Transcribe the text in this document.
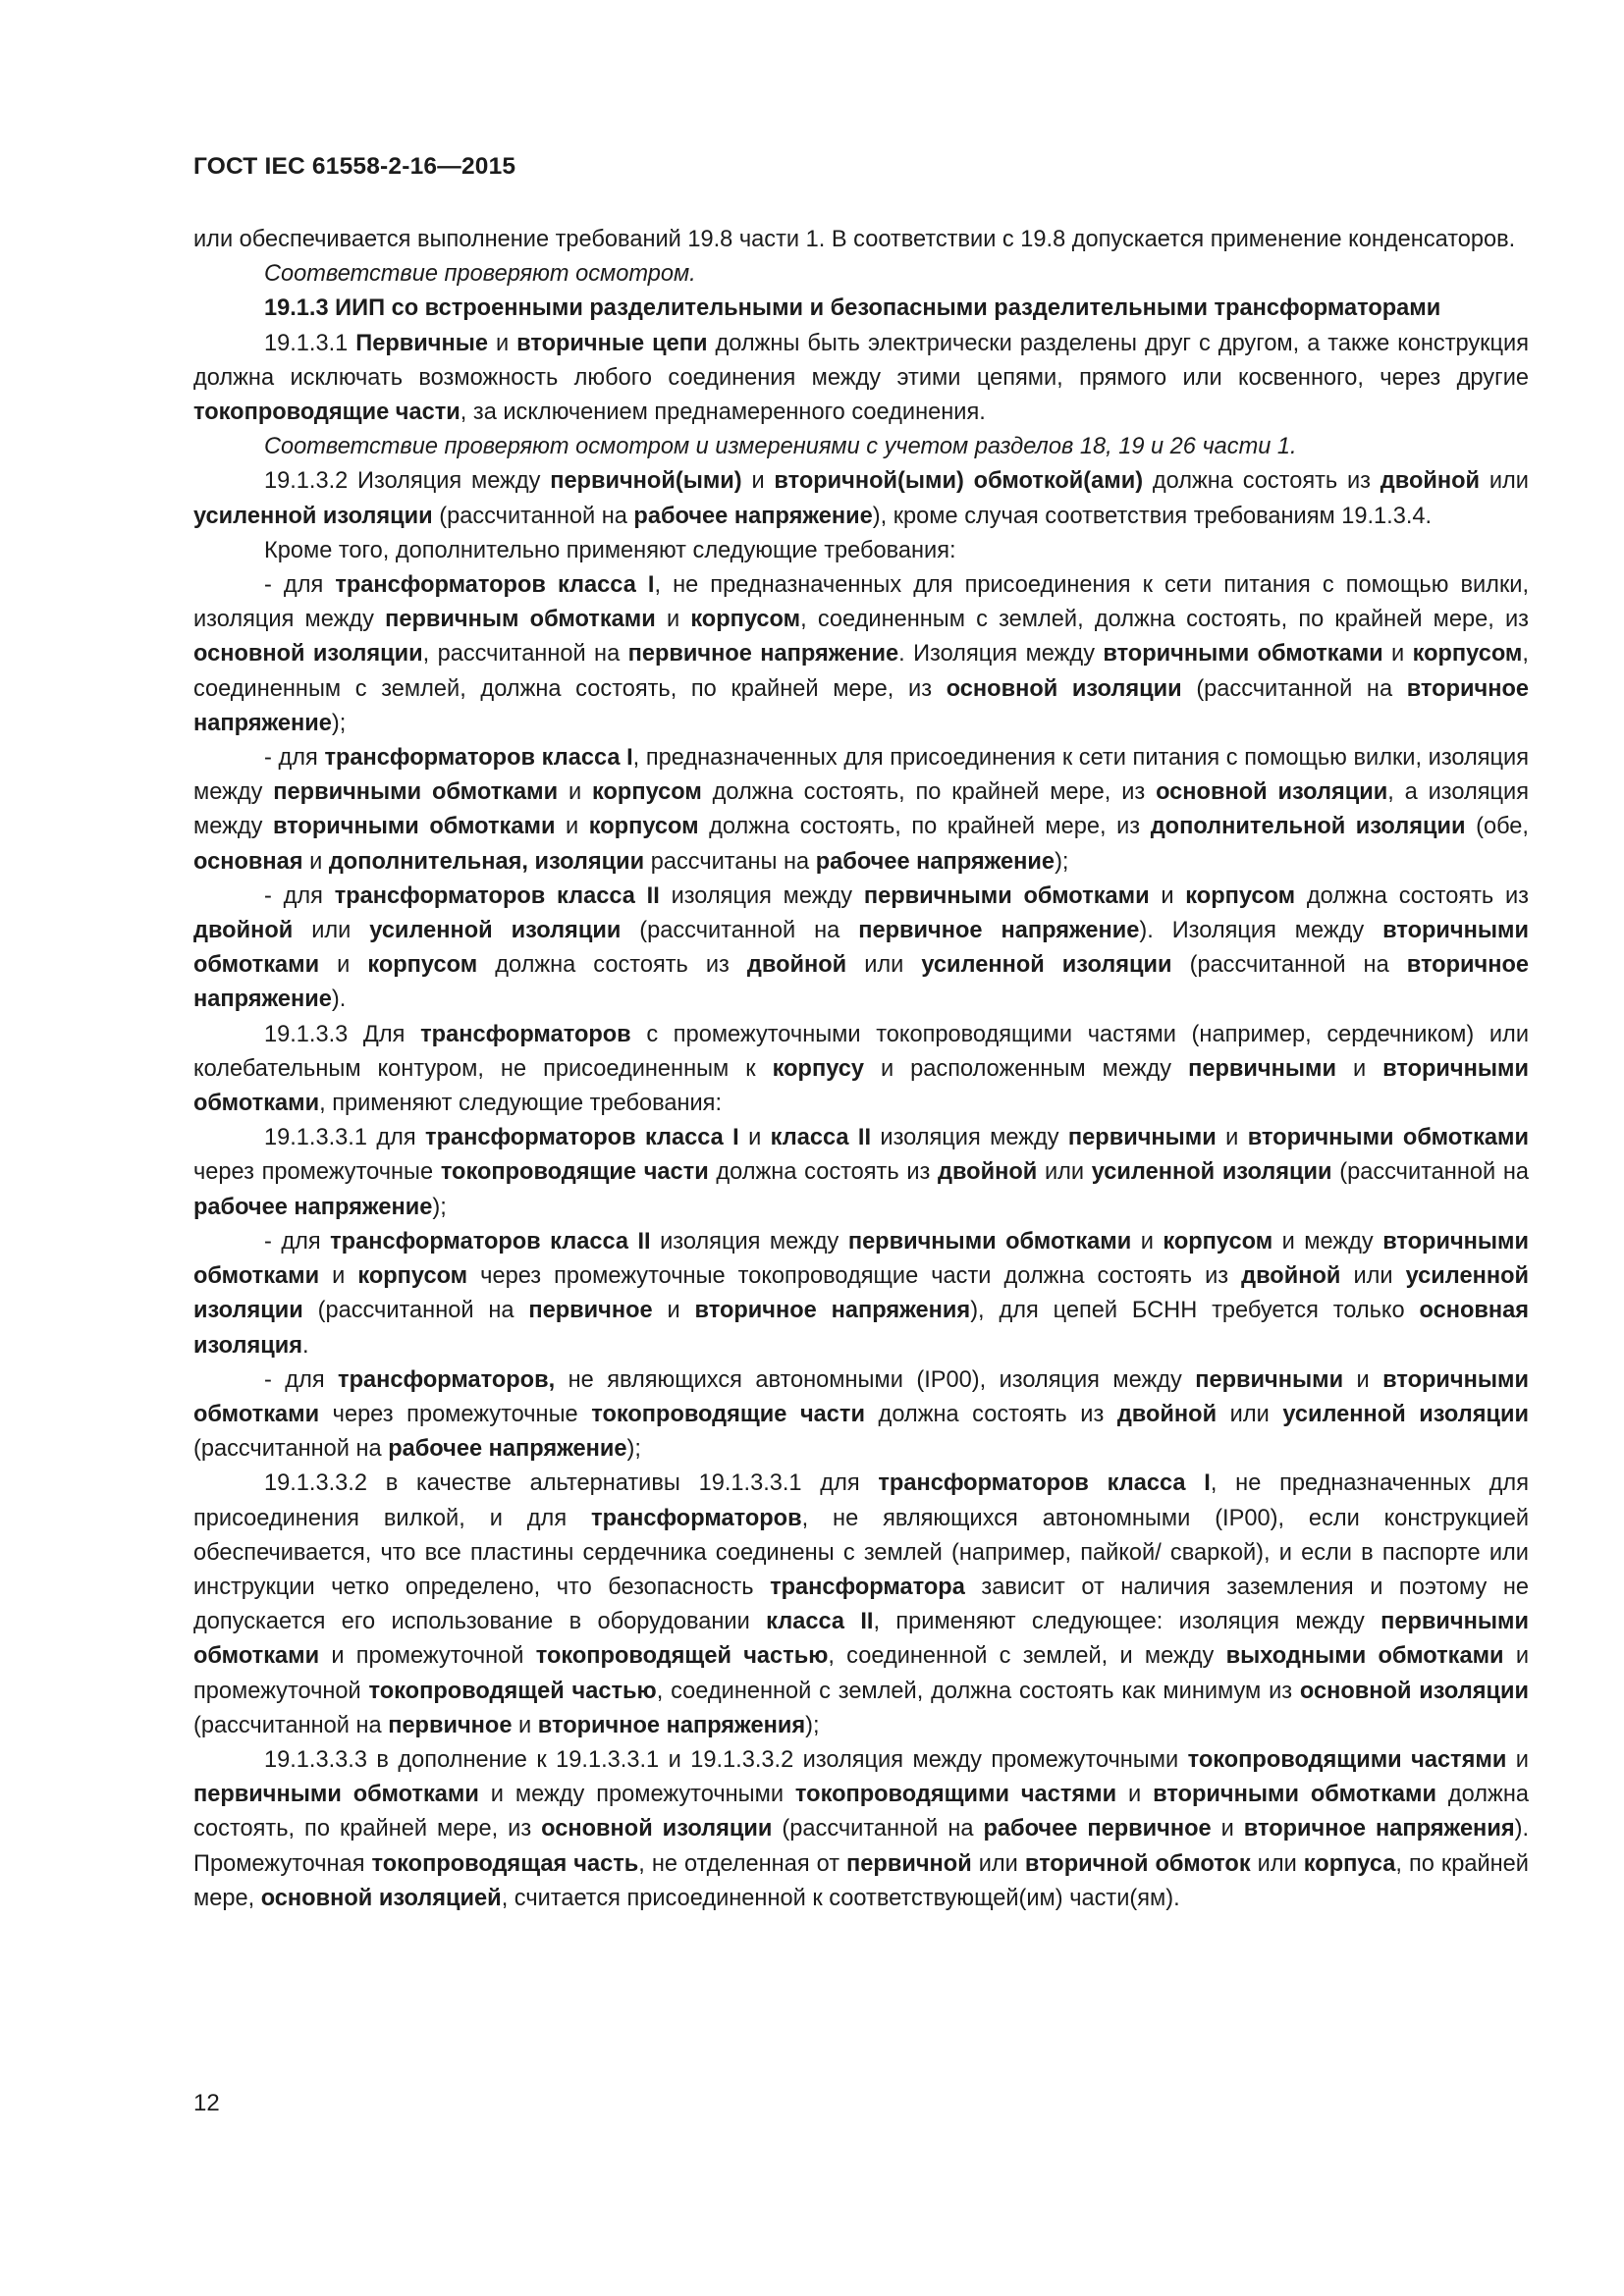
ГОСТ IEC 61558-2-16—2015

или обеспечивается выполнение требований 19.8 части 1. В соответствии с 19.8 допускается применение конденсаторов.

Соответствие проверяют осмотром.

19.1.3 ИИП со встроенными разделительными и безопасными разделительными трансформаторами

19.1.3.1 Первичные и вторичные цепи должны быть электрически разделены друг с другом, а также конструкция должна исключать возможность любого соединения между этими цепями, прямого или косвенного, через другие токопроводящие части, за исключением преднамеренного соединения.

Соответствие проверяют осмотром и измерениями с учетом разделов 18, 19 и 26 части 1.

19.1.3.2 Изоляция между первичной(ыми) и вторичной(ыми) обмоткой(ами) должна состоять из двойной или усиленной изоляции (рассчитанной на рабочее напряжение), кроме случая соответствия требованиям 19.1.3.4.

Кроме того, дополнительно применяют следующие требования:

- для трансформаторов класса I, не предназначенных для присоединения к сети питания с помощью вилки, изоляция между первичным обмотками и корпусом, соединенным с землей, должна состоять, по крайней мере, из основной изоляции, рассчитанной на первичное напряжение. Изоляция между вторичными обмотками и корпусом, соединенным с землей, должна состоять, по крайней мере, из основной изоляции (рассчитанной на вторичное напряжение);

- для трансформаторов класса I, предназначенных для присоединения к сети питания с помощью вилки, изоляция между первичными обмотками и корпусом должна состоять, по крайней мере, из основной изоляции, а изоляция между вторичными обмотками и корпусом должна состоять, по крайней мере, из дополнительной изоляции (обе, основная и дополнительная, изоляции рассчитаны на рабочее напряжение);

- для трансформаторов класса II изоляция между первичными обмотками и корпусом должна состоять из двойной или усиленной изоляции (рассчитанной на первичное напряжение). Изоляция между вторичными обмотками и корпусом должна состоять из двойной или усиленной изоляции (рассчитанной на вторичное напряжение).

19.1.3.3 Для трансформаторов с промежуточными токопроводящими частями (например, сердечником) или колебательным контуром, не присоединенным к корпусу и расположенным между первичными и вторичными обмотками, применяют следующие требования:

19.1.3.3.1 для трансформаторов класса I и класса II изоляция между первичными и вторичными обмотками через промежуточные токопроводящие части должна состоять из двойной или усиленной изоляции (рассчитанной на рабочее напряжение);

- для трансформаторов класса II изоляция между первичными обмотками и корпусом и между вторичными обмотками и корпусом через промежуточные токопроводящие части должна состоять из двойной или усиленной изоляции (рассчитанной на первичное и вторичное напряжения), для цепей БСНН требуется только основная изоляция.

- для трансформаторов, не являющихся автономными (IP00), изоляция между первичными и вторичными обмотками через промежуточные токопроводящие части должна состоять из двойной или усиленной изоляции (рассчитанной на рабочее напряжение);

19.1.3.3.2 в качестве альтернативы 19.1.3.3.1 для трансформаторов класса I, не предназначенных для присоединения вилкой, и для трансформаторов, не являющихся автономными (IP00), если конструкцией обеспечивается, что все пластины сердечника соединены с землей (например, пайкой/ сваркой), и если в паспорте или инструкции четко определено, что безопасность трансформатора зависит от наличия заземления и поэтому не допускается его использование в оборудовании класса II, применяют следующее: изоляция между первичными обмотками и промежуточной токопроводящей частью, соединенной с землей, и между выходными обмотками и промежуточной токопроводящей частью, соединенной с землей, должна состоять как минимум из основной изоляции (рассчитанной на первичное и вторичное напряжения);

19.1.3.3.3 в дополнение к 19.1.3.3.1 и 19.1.3.3.2 изоляция между промежуточными токопроводящими частями и первичными обмотками и между промежуточными токопроводящими частями и вторичными обмотками должна состоять, по крайней мере, из основной изоляции (рассчитанной на рабочее первичное и вторичное напряжения). Промежуточная токопроводящая часть, не отделенная от первичной или вторичной обмоток или корпуса, по крайней мере, основной изоляцией, считается присоединенной к соответствующей(им) части(ям).

12
